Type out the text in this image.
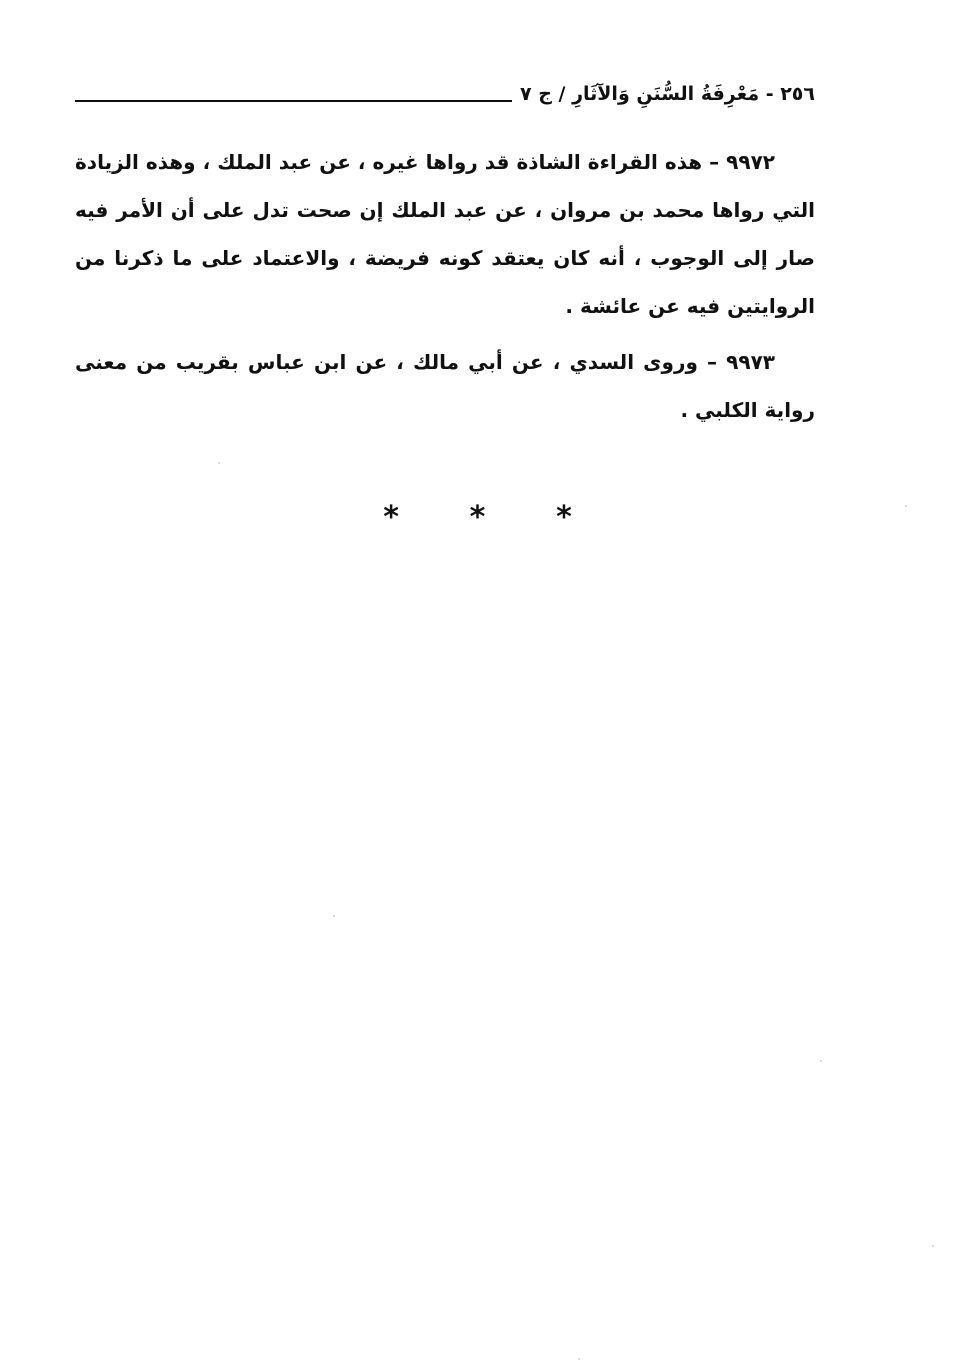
٢٥٦ - مَعْرِفَةُ السُّنَنِ وَالآثَارِ / ج ٧

٩٩٧٢ – هذه القراءة الشاذة قد رواها غيره ، عن عبد الملك ، وهذه الزيادة التي رواها محمد بن مروان ، عن عبد الملك إن صحت تدل على أن الأمر فيه صار إلى الوجوب ، أنه كان يعتقد كونه فريضة ، والاعتماد على ما ذكرنا من الروايتين فيه عن عائشة .

٩٩٧٣ – وروى السدي ، عن أبي مالك ، عن ابن عباس بقريب من معنى رواية الكلبي .

* * *
